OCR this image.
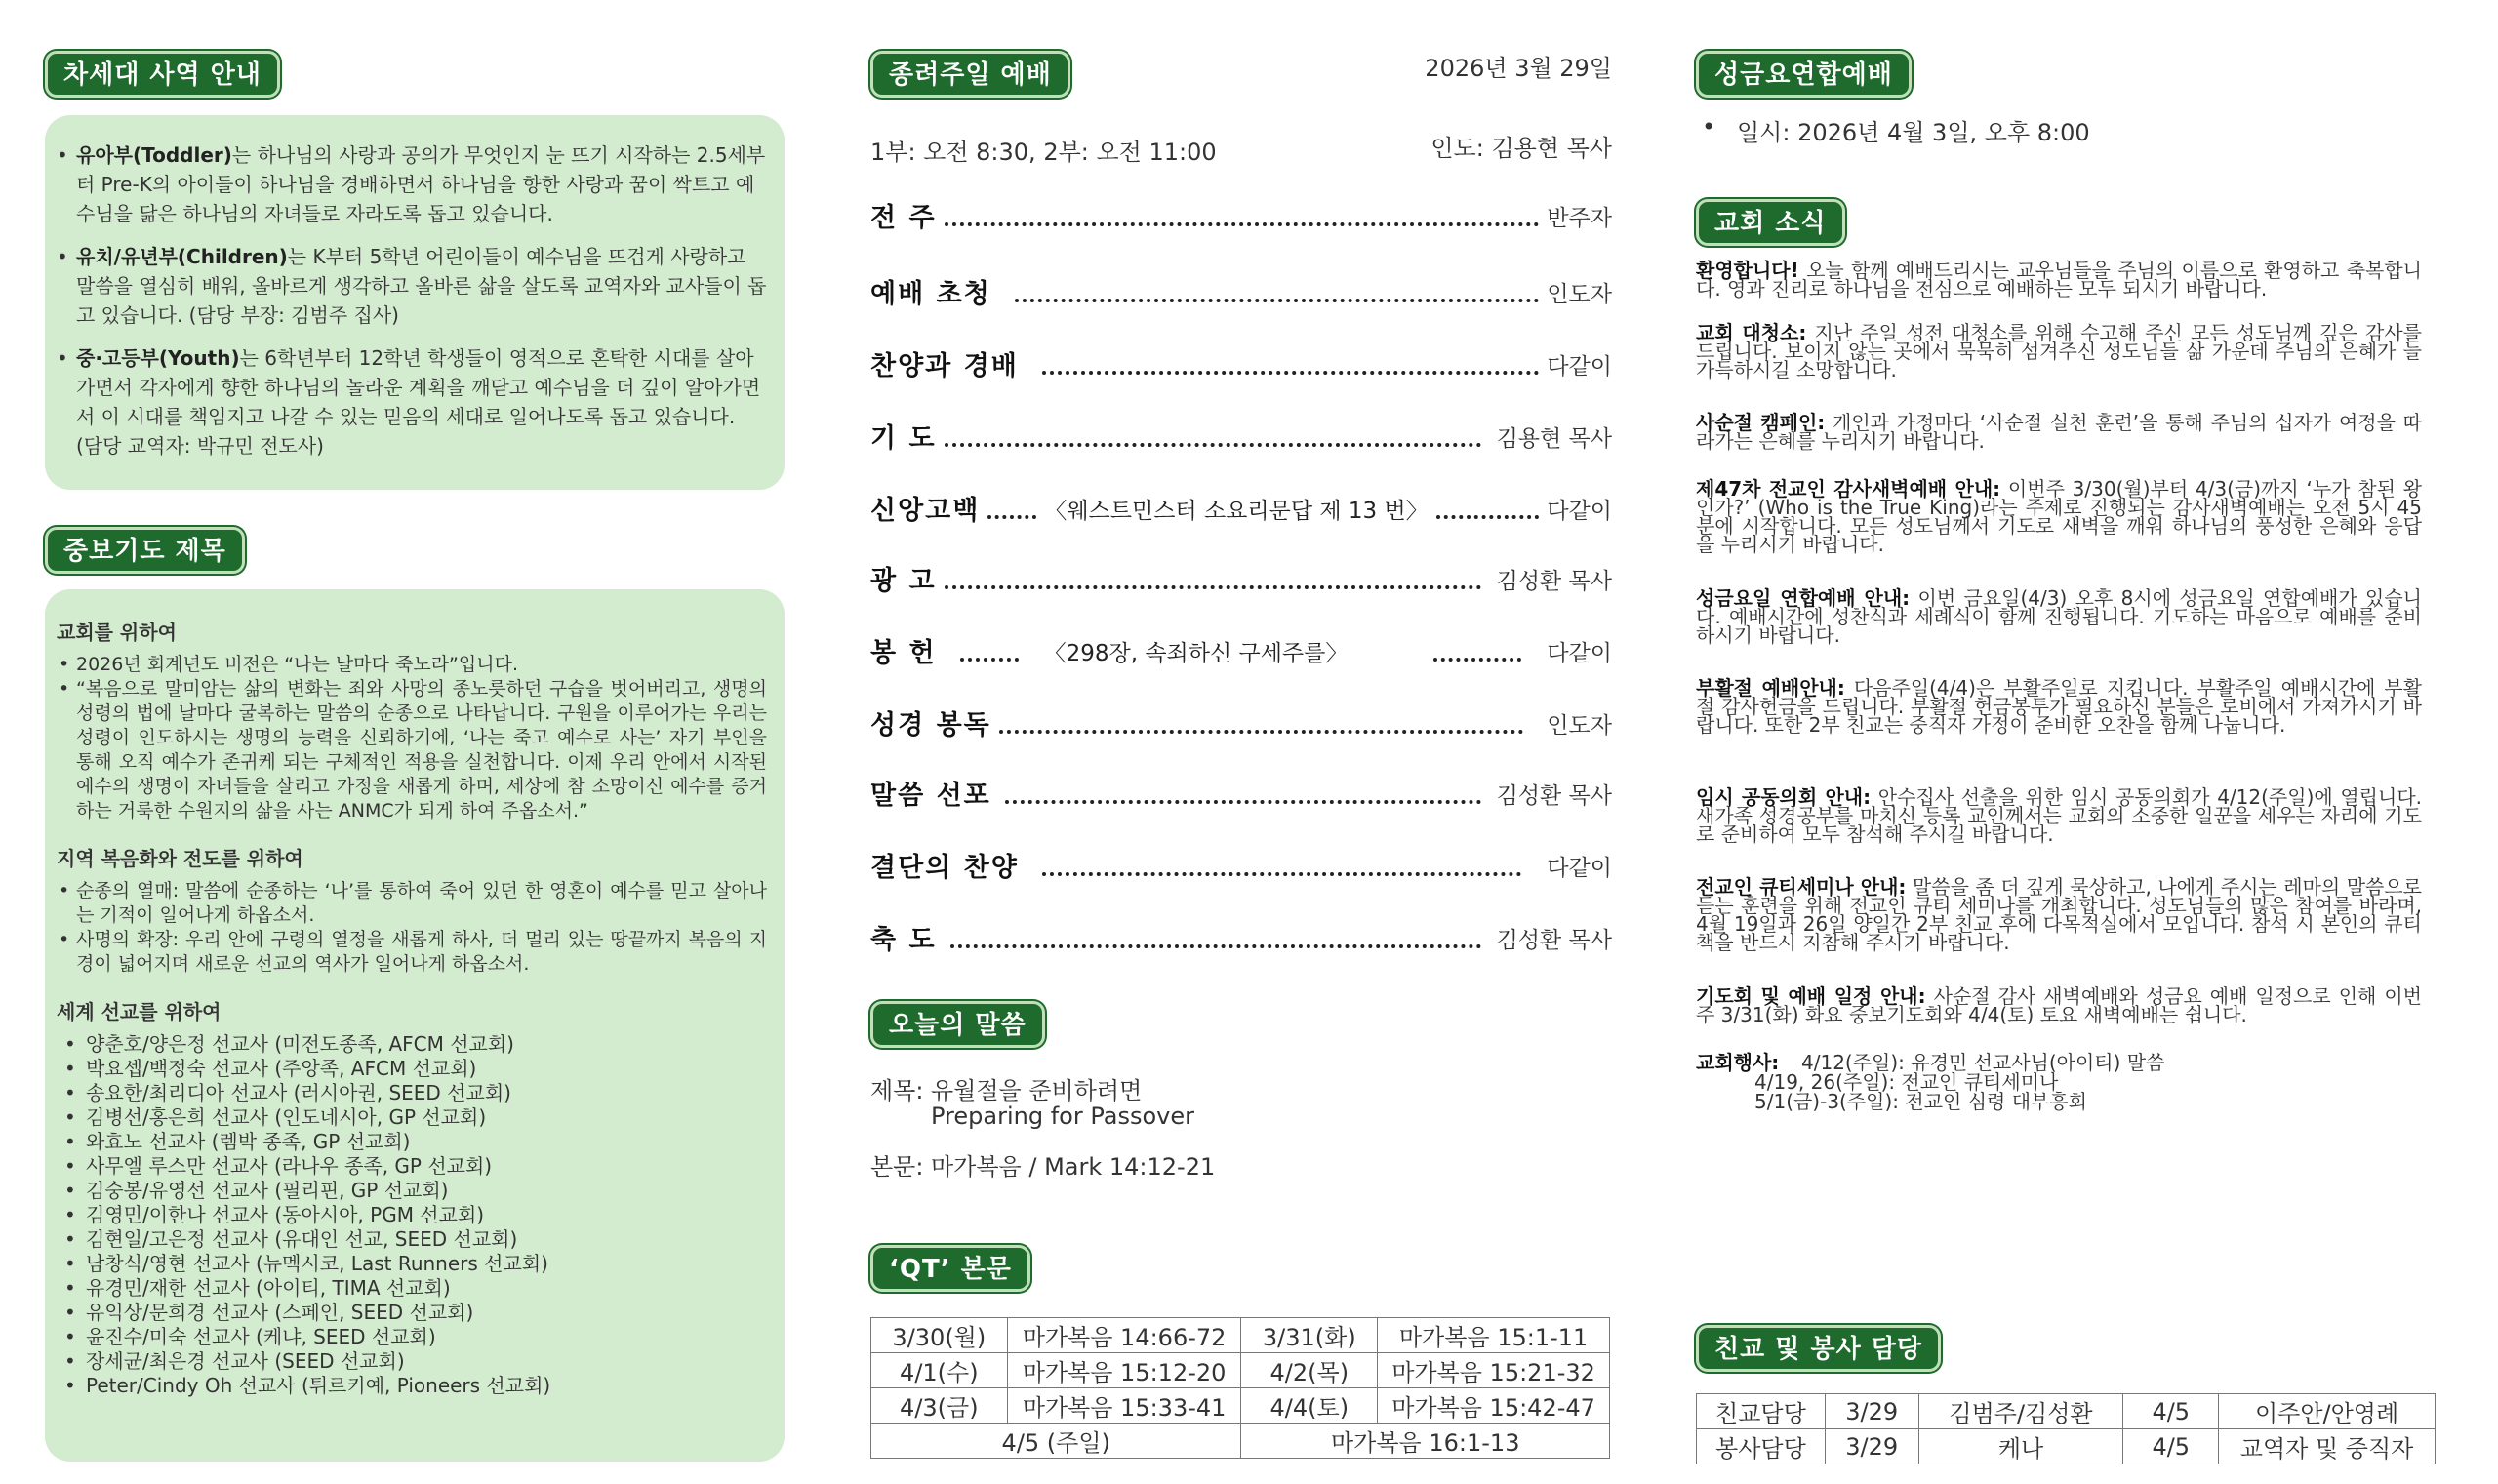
차세대 사역 안내
• 유아부(Toddler)는 하나님의 사랑과 공의가 무엇인지 눈 뜨기 시작하는 2.5세부터 Pre-K의 아이들이 하나님을 경배하면서 하나님을 향한 사랑과 꿈이 싹트고 예수님을 닮은 하나님의 자녀들로 자라도록 돕고 있습니다.
• 유치/유년부(Children)는 K부터 5학년 어린이들이 예수님을 뜨겁게 사랑하고 말씀을 열심히 배워, 올바르게 생각하고 올바른 삶을 살도록 교역자와 교사들이 돕고 있습니다. (담당 부장: 김범주 집사)
• 중·고등부(Youth)는 6학년부터 12학년 학생들이 영적으로 혼탁한 시대를 살아가면서 각자에게 향한 하나님의 놀라운 계획을 깨닫고 예수님을 더 깊이 알아가면서 이 시대를 책임지고 나갈 수 있는 믿음의 세대로 일어나도록 돕고 있습니다. (담당 교역자: 박규민 전도사)
중보기도 제목
교회를 위하여
• 2026년 회계년도 비전은 “나는 날마다 죽노라”입니다.
• “복음으로 말미암는 삶의 변화는 죄와 사망의 종노릇하던 구습을 벗어버리고, 생명의 성령의 법에 날마다 굴복하는 말씀의 순종으로 나타납니다. 구원을 이루어가는 우리는 성령이 인도하시는 생명의 능력을 신뢰하기에, ‘나는 죽고 예수로 사는’ 자기 부인을 통해 오직 예수가 존귀케 되는 구체적인 적용을 실천합니다. 이제 우리 안에서 시작된 예수의 생명이 자녀들을 살리고 가정을 새롭게 하며, 세상에 참 소망이신 예수를 증거하는 거룩한 수원지의 삶을 사는 ANMC가 되게 하여 주옵소서.”
지역 복음화와 전도를 위하여
• 순종의 열매: 말씀에 순종하는 ‘나’를 통하여 죽어 있던 한 영혼이 예수를 믿고 살아나는 기적이 일어나게 하옵소서.
• 사명의 확장: 우리 안에 구령의 열정을 새롭게 하사, 더 멀리 있는 땅끝까지 복음의 지경이 넓어지며 새로운 선교의 역사가 일어나게 하옵소서.
세계 선교를 위하여
• 양춘호/양은정 선교사 (미전도종족, AFCM 선교회)
• 박요셉/백정숙 선교사 (주앙족, AFCM 선교회)
• 송요한/최리디아 선교사 (러시아권, SEED 선교회)
• 김병선/홍은희 선교사 (인도네시아, GP 선교회)
• 와효노 선교사 (렘박 종족, GP 선교회)
• 사무엘 루스만 선교사 (라나우 종족, GP 선교회)
• 김숭봉/유영선 선교사 (필리핀, GP 선교회)
• 김영민/이한나 선교사 (동아시아, PGM 선교회)
• 김현일/고은정 선교사 (유대인 선교, SEED 선교회)
• 남창식/영현 선교사 (뉴멕시코, Last Runners 선교회)
• 유경민/재한 선교사 (아이티, TIMA 선교회)
• 유익상/문희경 선교사 (스페인, SEED 선교회)
• 윤진수/미숙 선교사 (케냐, SEED 선교회)
• 장세균/최은경 선교사 (SEED 선교회)
• Peter/Cindy Oh 선교사 (튀르키예, Pioneers 선교회)
종려주일 예배	2026년 3월 29일
1부: 오전 8:30, 2부: 오전 11:00	인도: 김용현 목사
전 주	반주자
예배 초청	인도자
찬양과 경배	다같이
기 도	김용현 목사
신앙고백	〈웨스트민스터 소요리문답 제 13 번〉	다같이
광 고	김성환 목사
봉 헌	〈298장, 속죄하신 구세주를〉	다같이
성경 봉독	인도자
말씀 선포	김성환 목사
결단의 찬양	다같이
축 도	김성환 목사
오늘의 말씀
제목: 유월절을 준비하려면
Preparing for Passover
본문: 마가복음 / Mark 14:12-21
‘QT’ 본문
3/30(월)	마가복음 14:66-72	3/31(화)	마가복음 15:1-11
4/1(수)	마가복음 15:12-20	4/2(목)	마가복음 15:21-32
4/3(금)	마가복음 15:33-41	4/4(토)	마가복음 15:42-47
4/5 (주일)		마가복음 16:1-13	
성금요연합예배
• 일시: 2026년 4월 3일, 오후 8:00
교회 소식
환영합니다! 오늘 함께 예배드리시는 교우님들을 주님의 이름으로 환영하고 축복합니다. 영과 진리로 하나님을 전심으로 예배하는 모두 되시기 바랍니다.
교회 대청소: 지난 주일 성전 대청소를 위해 수고해 주신 모든 성도님께 깊은 감사를 드립니다. 보이지 않는 곳에서 묵묵히 섬겨주신 성도님들 삶 가운데 주님의 은혜가 늘 가득하시길 소망합니다.
사순절 캠페인: 개인과 가정마다 ‘사순절 실천 훈련’을 통해 주님의 십자가 여정을 따라가는 은혜를 누리시기 바랍니다.
제47차 전교인 감사새벽예배 안내: 이번주 3/30(월)부터 4/3(금)까지 ‘누가 참된 왕인가?’ (Who is the True King)라는 주제로 진행되는 감사새벽예배는 오전 5시 45분에 시작합니다. 모든 성도님께서 기도로 새벽을 깨워 하나님의 풍성한 은혜와 응답을 누리시기 바랍니다.
성금요일 연합예배 안내: 이번 금요일(4/3) 오후 8시에 성금요일 연합예배가 있습니다. 예배시간에 성찬식과 세례식이 함께 진행됩니다. 기도하는 마음으로 예배를 준비하시기 바랍니다.
부활절 예배안내: 다음주일(4/4)은 부활주일로 지킵니다. 부활주일 예배시간에 부활절 감사헌금을 드립니다. 부활절 헌금봉투가 필요하신 분들은 로비에서 가져가시기 바랍니다. 또한 2부 친교는 중직자 가정이 준비한 오찬을 함께 나눕니다.
임시 공동의회 안내: 안수집사 선출을 위한 임시 공동의회가 4/12(주일)에 열립니다. 새가족 성경공부를 마치신 등록 교인께서는 교회의 소중한 일꾼을 세우는 자리에 기도로 준비하여 모두 참석해 주시길 바랍니다.
전교인 큐티세미나 안내: 말씀을 좀 더 깊게 묵상하고, 나에게 주시는 레마의 말씀으로 듣는 훈련을 위해 전교인 큐티 세미나를 개최합니다. 성도님들의 많은 참여를 바라며, 4월 19일과 26일 양일간 2부 친교 후에 다목적실에서 모입니다. 참석 시 본인의 큐티책을 반드시 지참해 주시기 바랍니다.
기도회 및 예배 일정 안내: 사순절 감사 새벽예배와 성금요 예배 일정으로 인해 이번 주 3/31(화) 화요 중보기도회와 4/4(토) 토요 새벽예배는 쉽니다.
교회행사: 4/12(주일): 유경민 선교사님(아이티) 말씀
4/19, 26(주일): 전교인 큐티세미나
5/1(금)-3(주일): 전교인 심령 대부흥회
친교 및 봉사 담당
친교담당	3/29	김범주/김성환	4/5	이주안/안영례
봉사담당	3/29	케나	4/5	교역자 및 중직자
